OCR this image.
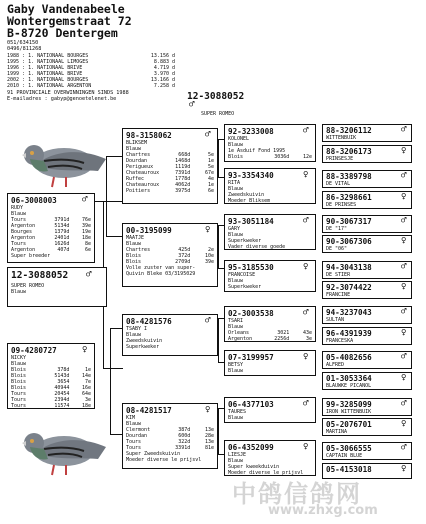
Gaby Vandenabeele
Wontergemstraat 72
B-8720 Dentergem
051/634150
0496/811268
1988 : 1. NATIONAAL BOURGES	13.156 d
1995 : 1. NATIONAAL LIMOGES	8.883 d
1996 : 1. NATIONAAL BRIVE	4.719 d
1999 : 1. NATIONAAL BRIVE	3.970 d
2002 : 1. NATIONAAL BOURGES	13.166 d
2010 : 1. NATIONAAL ARGENTON	7.258 d
91 PROVINCIALE OVERWINNINGEN SINDS 1988
E-mailadres : gabyp@genoetelenet.be	12-3088052
♂
SUPER ROMEO
12-3088052	♂
SUPER ROMEO
Blauw
06-3008003	♂
RUDY
Blauw
Tours	3791d	76e
Argenton	5134d	39e
Bourges	1379d	19e
Argenton	2401d	18e
Tours	1626d	8e
Argenton	407d	6e
Super breeder
09-4280727	♀
NICKY
Blauw
Blois	378d	1e
Blois	5143d	14e
Blois	3654	7e
Blois	40944	16e
Tours	20454	64e
Tours	2394d	3e
Tours	11574	18e
98-3158062	♂
BLIKSEM
Blauw
Chartres	668d	5e
Dourdan	1468d	1e
Perigueux	1119d	5e
Chateauroux	7391d	67e
Ruffec	1778d	4e
Chateauroux	4062d	1e
Poitiers	3975d	6e
00-3195099	♀
MAATJE
Blauw
Chartres	425d	2e
Blois	372d	10e
Blois	2709d	39e
Volle zuster van super-
Quivin Bleke 03/3195029
08-4281576	♂
TSABY I
Blauw
Zweedskuivin
Superkweker
08-4281517	♀
KIM
Blauw
Clermont	387d	13e
Dourdan	600d	28e
Tours	322d	13e
Tours	3391d	81e
Super Zweedskuivin
Moeder diverse le prijsvl
92-3233008	♂
KOLONEL
Blauw
1e Asduif Fond 1995
Blois	3036d	12e
93-3354340	♀
RITA
Blauw
Zweedskuivin
Moeder Bliksem
93-3051184	♂
GARY
Blauw
Superkweker
Vader diverse goede
95-3185530	♀
FRANCOISE
Blauw
Superkweker
02-3003538	♂
TSARI
Blauw
Orleans	3021	43e
Argenton	2256d	3e
07-3199957	♀
BETSY
Blauw
06-4377103	♂
TAURES
Blauw
06-4352099	♀
LIESJE
Blauw
Super kweekduivin
Moeder diverse le prijsvl
88-3206112
WITTENBUIK
♂
88-3206173
PRINSESJE
♀
88-3389798
DE VITAL
♂
86-3298661
DE PRINSES
♀
90-3067317
DE "17"
♂
90-3067306
DE "06"
♀
94-3043138
DE STIER
♂
92-3074422
FRANCINE
♀
94-3237043
SULTAN
♂
96-4391939
FRANCESKA
♀
05-4082656
ALFRED
♂
01-3053364
BLAUWKE PICANOL
♀
99-3285099
IRON WITTENBUIK
♂
05-2076701
MARTINA
♀
05-3066555
CAPTAIN BLUE
♂
05-4153018	♀
中鸽信鸽网
www.zhxg.com
